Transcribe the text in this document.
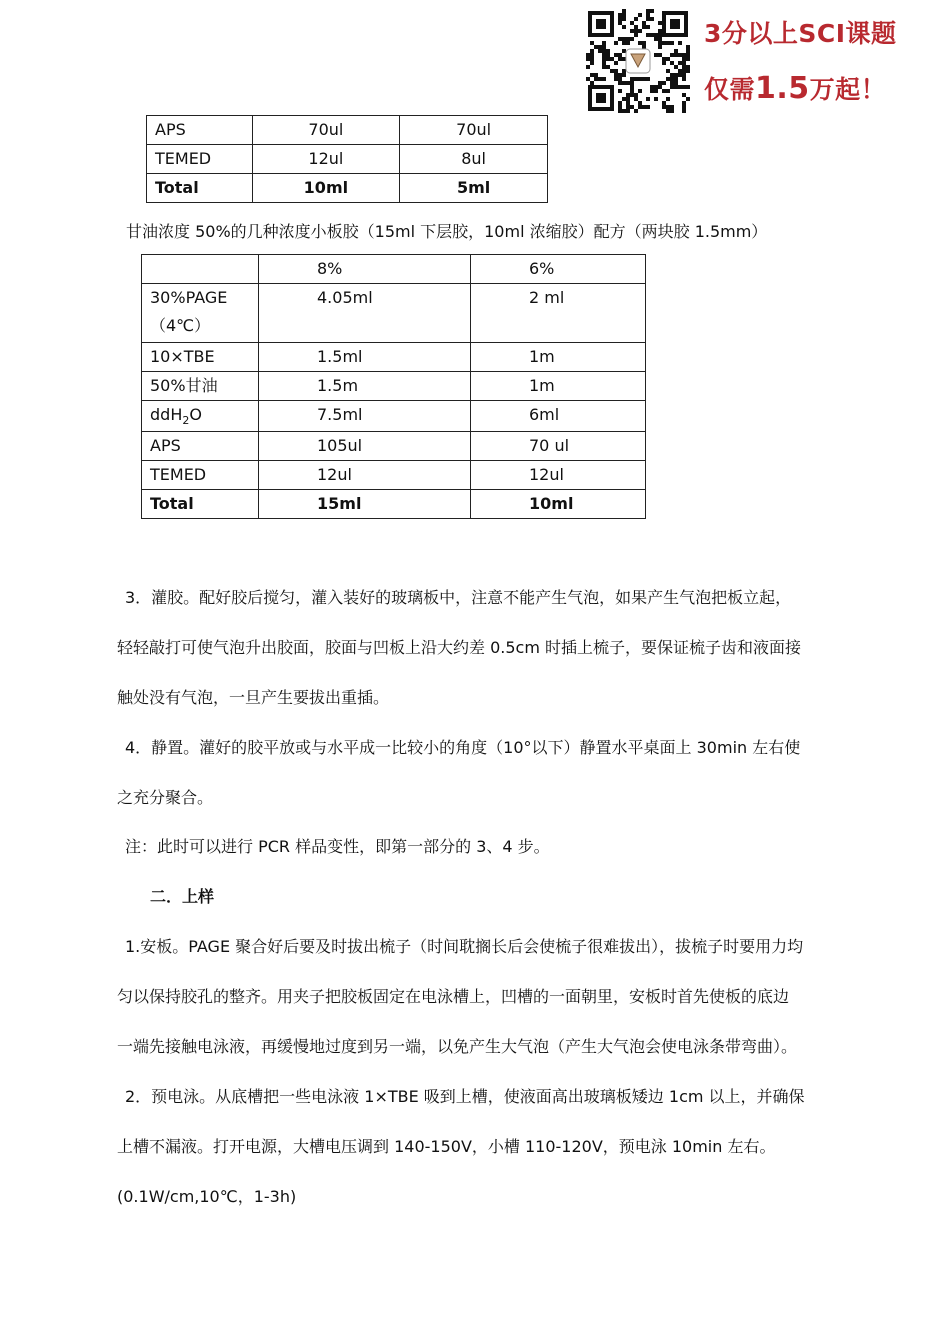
3分以上SCI课题
仅需1.5万起！
APS	70ul	70ul
TEMED	12ul	8ul
Total	10ml	5ml
甘油浓度 50%的几种浓度小板胶（15ml 下层胶，10ml 浓缩胶）配方（两块胶 1.5mm）
	8%	6%

30%PAGE
（4℃）	4.05ml	2 ml
10×TBE	1.5ml	1m
50%甘油	1.5m	1m
ddH$_2$O	7.5ml	6ml
APS	105ul	70 ul
TEMED	12ul	12ul
Total	15ml	10ml
3．灌胶。配好胶后搅匀，灌入装好的玻璃板中，注意不能产生气泡，如果产生气泡把板立起，
轻轻敲打可使气泡升出胶面，胶面与凹板上沿大约差 0.5cm 时插上梳子，要保证梳子齿和液面接
触处没有气泡，一旦产生要拔出重插。
4．静置。灌好的胶平放或与水平成一比较小的角度（10°以下）静置水平桌面上 30min 左右使
之充分聚合。
注：此时可以进行 PCR 样品变性，即第一部分的 3、4 步。
二．上样
1.安板。PAGE 聚合好后要及时拔出梳子（时间耽搁长后会使梳子很难拔出），拔梳子时要用力均
匀以保持胶孔的整齐。用夹子把胶板固定在电泳槽上，凹槽的一面朝里，安板时首先使板的底边
一端先接触电泳液，再缓慢地过度到另一端，以免产生大气泡（产生大气泡会使电泳条带弯曲）。
2．预电泳。从底槽把一些电泳液 1×TBE 吸到上槽，使液面高出玻璃板矮边 1cm 以上，并确保
上槽不漏液。打开电源，大槽电压调到 140-150V，小槽 110-120V，预电泳 10min 左右。
(0.1W/cm,10℃，1-3h)
